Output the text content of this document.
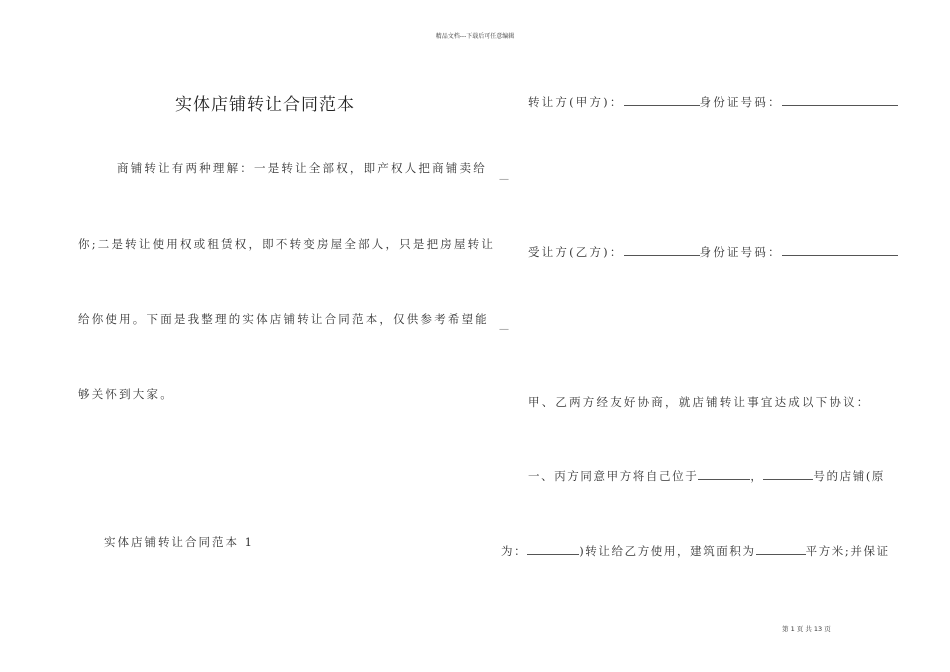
精品文档---下载后可任意编辑
实体店铺转让合同范本
商铺转让有两种理解：一是转让全部权，即产权人把商铺卖给
你;二是转让使用权或租赁权，即不转变房屋全部人，只是把房屋转让
给你使用。下面是我整理的实体店铺转让合同范本，仅供参考希望能
够关怀到大家。
实体店铺转让合同范本 1
—
—
转让方(甲方)：	身份证号码：
受让方(乙方)：	身份证号码：
甲、乙两方经友好协商，就店铺转让事宜达成以下协议：
一、丙方同意甲方将自己位于	，	号的店铺(原
为：	)转让给乙方使用，建筑面积为	平方米;并保证
第 1 页 共 13 页
